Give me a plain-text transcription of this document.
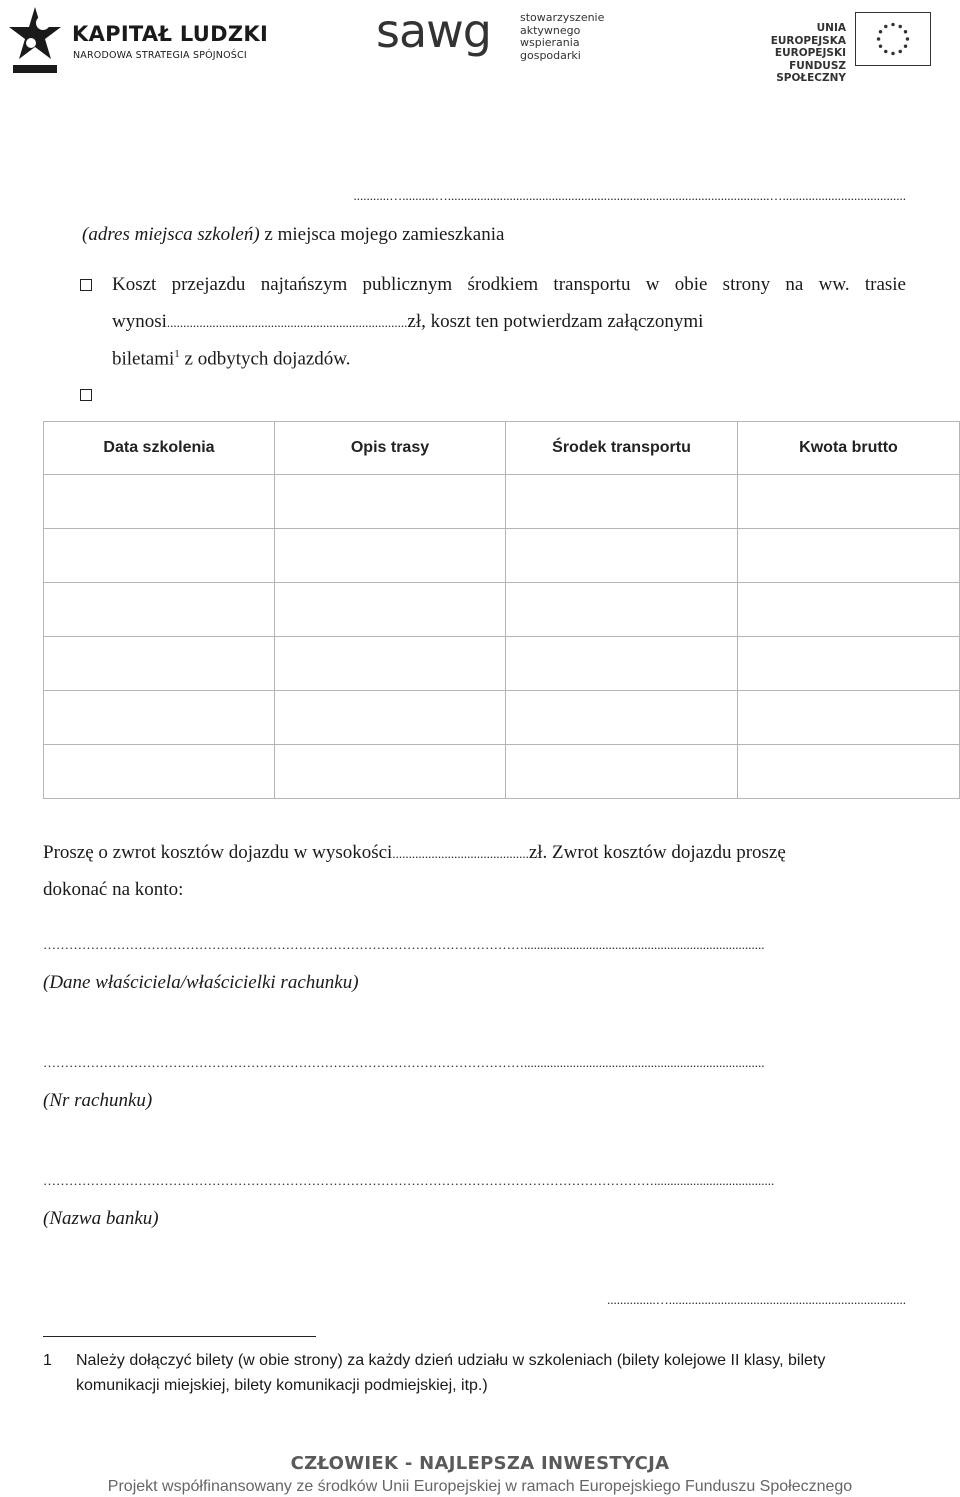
KAPITAŁ LUDZKI
NARODOWA STRATEGIA SPÓJNOŚCI	sawg	stowarzyszenie
aktywnego
wspierania
gospodarki
UNIA EUROPEJSKA
EUROPEJSKI
FUNDUSZ SPOŁECZNY
...........…..........…...................................................................................................…......................................
(adres miejsca szkoleń) z miejsca mojego zamieszkania
Koszt przejazdu najtańszym publicznym środkiem transportu w obie strony na ww. trasie
wynosi..........................................................................zł, koszt ten potwierdzam załączonymi
biletami$^1$ z odbytych dojazdów.
Data szkolenia	Opis trasy	Środek transportu	Kwota brutto

Proszę o zwrot kosztów dojazdu w wysokości..........................................zł. Zwrot kosztów dojazdu proszę
dokonać na konto:
…………………………………………………………………………………………………..........................................................................
(Dane właściciela/właścicielki rachunku)
…………………………………………………………………………………………………..........................................................................
(Nr rachunku)
…………………………………………………………………………………………………………………………….....................................
(Nazwa banku)
...............….........................................................................
1 Należy dołączyć bilety (w obie strony) za każdy dzień udziału w szkoleniach (bilety kolejowe II klasy, bilety
komunikacji miejskiej, bilety komunikacji podmiejskiej, itp.)
CZŁOWIEK - NAJLEPSZA INWESTYCJA
Projekt współfinansowany ze środków Unii Europejskiej w ramach Europejskiego Funduszu Społecznego
